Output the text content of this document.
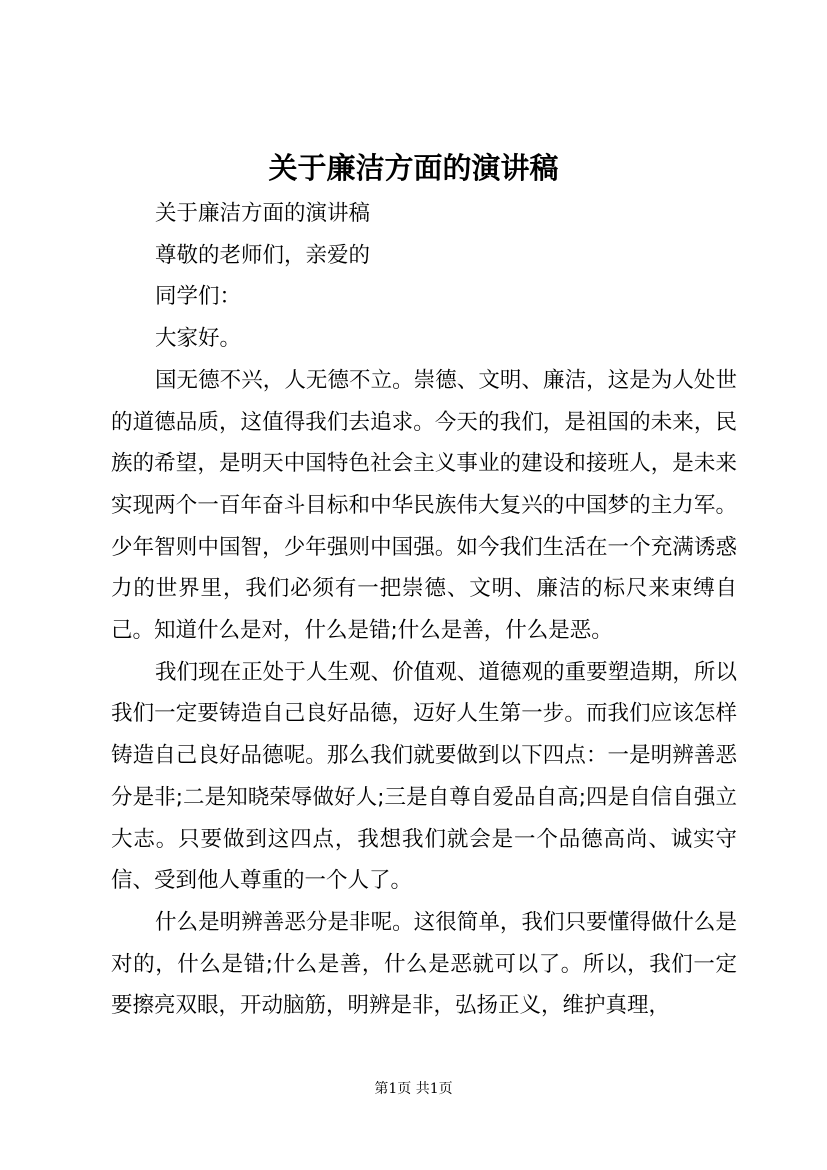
关于廉洁方面的演讲稿

关于廉洁方面的演讲稿

尊敬的老师们，亲爱的

同学们：

大家好。

国无德不兴，人无德不立。崇德、文明、廉洁，这是为人处世的道德品质，这值得我们去追求。今天的我们，是祖国的未来，民族的希望，是明天中国特色社会主义事业的建设和接班人，是未来实现两个一百年奋斗目标和中华民族伟大复兴的中国梦的主力军。少年智则中国智，少年强则中国强。如今我们生活在一个充满诱惑力的世界里，我们必须有一把崇德、文明、廉洁的标尺来束缚自己。知道什么是对，什么是错;什么是善，什么是恶。

我们现在正处于人生观、价值观、道德观的重要塑造期，所以我们一定要铸造自己良好品德，迈好人生第一步。而我们应该怎样铸造自己良好品德呢。那么我们就要做到以下四点：一是明辨善恶分是非;二是知晓荣辱做好人;三是自尊自爱品自高;四是自信自强立大志。只要做到这四点，我想我们就会是一个品德高尚、诚实守信、受到他人尊重的一个人了。

什么是明辨善恶分是非呢。这很简单，我们只要懂得做什么是对的，什么是错;什么是善，什么是恶就可以了。所以，我们一定要擦亮双眼，开动脑筋，明辨是非，弘扬正义，维护真理，

第1页 共1页
